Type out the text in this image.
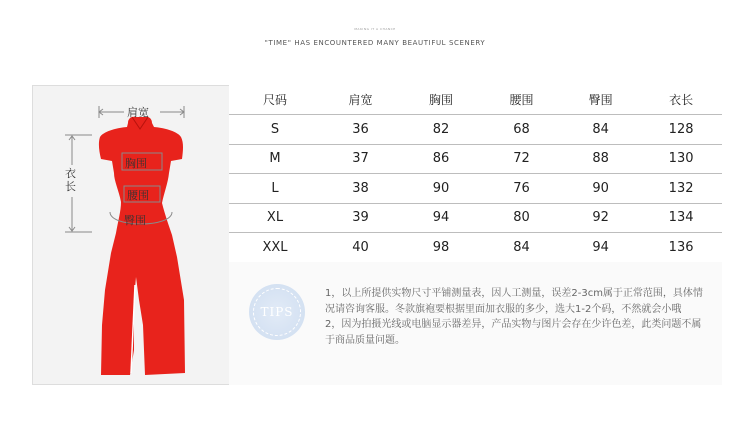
MAKING IT A CHANCE
"TIME" HAS ENCOUNTERED MANY BEAUTIFUL SCENERY
肩宽
衣长
胸围
腰围
臀围
尺码	肩宽	胸围	腰围	臀围	衣长
S	36	82	68	84	128
M	37	86	72	88	130
L	38	90	76	90	132
XL	39	94	80	92	134
XXL	40	98	84	94	136

TIPS

1，以上所提供实物尺寸平铺测量表，因人工测量，误差2-3cm属于正常范围，具体情况请咨询客服。冬款旗袍要根据里面加衣服的多少，选大1-2个码，不然就会小哦

2，因为拍摄光线或电脑显示器差异，产品实物与图片会存在少许色差，此类问题不属于商品质量问题。
